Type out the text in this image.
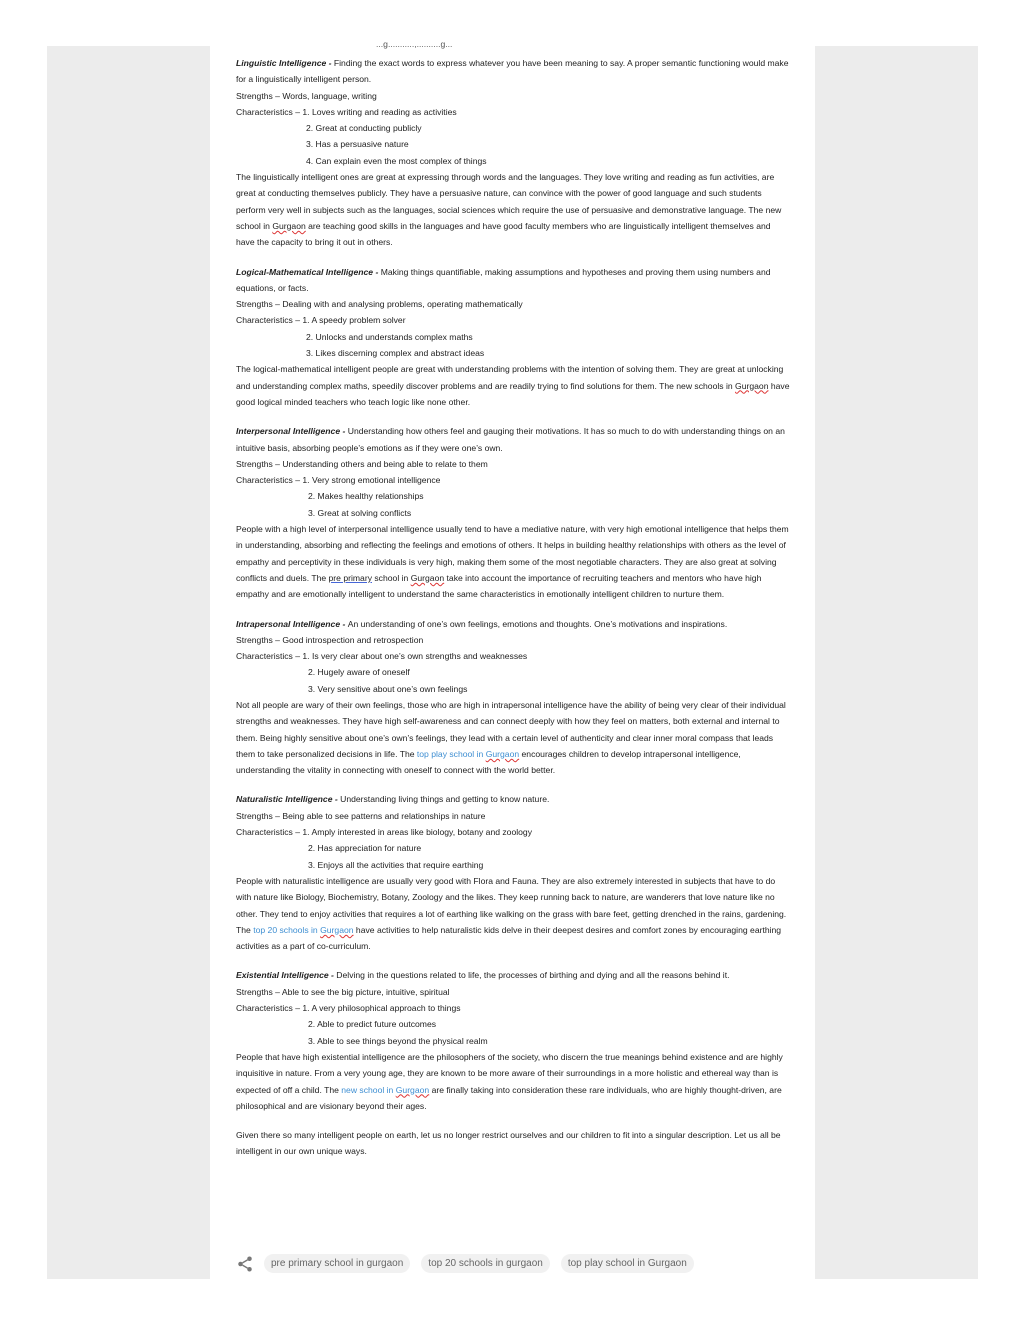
...g...........,..........g...

Linguistic Intelligence - Finding the exact words to express whatever you have been meaning to say. A proper semantic functioning would make for a linguistically intelligent person.

Strengths – Words, language, writing

Characteristics – 1. Loves writing and reading as activities

2. Great at conducting publicly

3. Has a persuasive nature

4. Can explain even the most complex of things

The linguistically intelligent ones are great at expressing through words and the languages. They love writing and reading as fun activities, are great at conducting themselves publicly. They have a persuasive nature, can convince with the power of good language and such students perform very well in subjects such as the languages, social sciences which require the use of persuasive and demonstrative language. The new school in Gurgaon are teaching good skills in the languages and have good faculty members who are linguistically intelligent themselves and have the capacity to bring it out in others.

Logical-Mathematical Intelligence - Making things quantifiable, making assumptions and hypotheses and proving them using numbers and equations, or facts.

Strengths – Dealing with and analysing problems, operating mathematically

Characteristics – 1. A speedy problem solver

2. Unlocks and understands complex maths

3. Likes discerning complex and abstract ideas

The logical-mathematical intelligent people are great with understanding problems with the intention of solving them. They are great at unlocking and understanding complex maths, speedily discover problems and are readily trying to find solutions for them. The new schools in Gurgaon have good logical minded teachers who teach logic like none other.

Interpersonal Intelligence - Understanding how others feel and gauging their motivations. It has so much to do with understanding things on an intuitive basis, absorbing people’s emotions as if they were one’s own.

Strengths – Understanding others and being able to relate to them

Characteristics – 1. Very strong emotional intelligence

2. Makes healthy relationships

3. Great at solving conflicts

People with a high level of interpersonal intelligence usually tend to have a mediative nature, with very high emotional intelligence that helps them in understanding, absorbing and reflecting the feelings and emotions of others. It helps in building healthy relationships with others as the level of empathy and perceptivity in these individuals is very high, making them some of the most negotiable characters. They are also great at solving conflicts and duels. The pre primary school in Gurgaon take into account the importance of recruiting teachers and mentors who have high empathy and are emotionally intelligent to understand the same characteristics in emotionally intelligent children to nurture them.

Intrapersonal Intelligence - An understanding of one’s own feelings, emotions and thoughts. One’s motivations and inspirations.

Strengths – Good introspection and retrospection

Characteristics – 1. Is very clear about one’s own strengths and weaknesses

2. Hugely aware of oneself

3. Very sensitive about one’s own feelings

Not all people are wary of their own feelings, those who are high in intrapersonal intelligence have the ability of being very clear of their individual strengths and weaknesses. They have high self-awareness and can connect deeply with how they feel on matters, both external and internal to them. Being highly sensitive about one’s own’s feelings, they lead with a certain level of authenticity and clear inner moral compass that leads them to take personalized decisions in life. The top play school in Gurgaon encourages children to develop intrapersonal intelligence, understanding the vitality in connecting with oneself to connect with the world better.

Naturalistic Intelligence - Understanding living things and getting to know nature.

Strengths – Being able to see patterns and relationships in nature

Characteristics – 1. Amply interested in areas like biology, botany and zoology

2. Has appreciation for nature

3. Enjoys all the activities that require earthing

People with naturalistic intelligence are usually very good with Flora and Fauna. They are also extremely interested in subjects that have to do with nature like Biology, Biochemistry, Botany, Zoology and the likes. They keep running back to nature, are wanderers that love nature like no other. They tend to enjoy activities that requires a lot of earthing like walking on the grass with bare feet, getting drenched in the rains, gardening. The top 20 schools in Gurgaon have activities to help naturalistic kids delve in their deepest desires and comfort zones by encouraging earthing activities as a part of co-curriculum.

Existential Intelligence - Delving in the questions related to life, the processes of birthing and dying and all the reasons behind it.

Strengths – Able to see the big picture, intuitive, spiritual

Characteristics – 1. A very philosophical approach to things

2. Able to predict future outcomes

3. Able to see things beyond the physical realm

People that have high existential intelligence are the philosophers of the society, who discern the true meanings behind existence and are highly inquisitive in nature. From a very young age, they are known to be more aware of their surroundings in a more holistic and ethereal way than is expected of off a child. The new school in Gurgaon are finally taking into consideration these rare individuals, who are highly thought-driven, are philosophical and are visionary beyond their ages.

Given there so many intelligent people on earth, let us no longer restrict ourselves and our children to fit into a singular description. Let us all be intelligent in our own unique ways.

pre primary school in gurgaon	top 20 schools in gurgaon	top play school in Gurgaon
